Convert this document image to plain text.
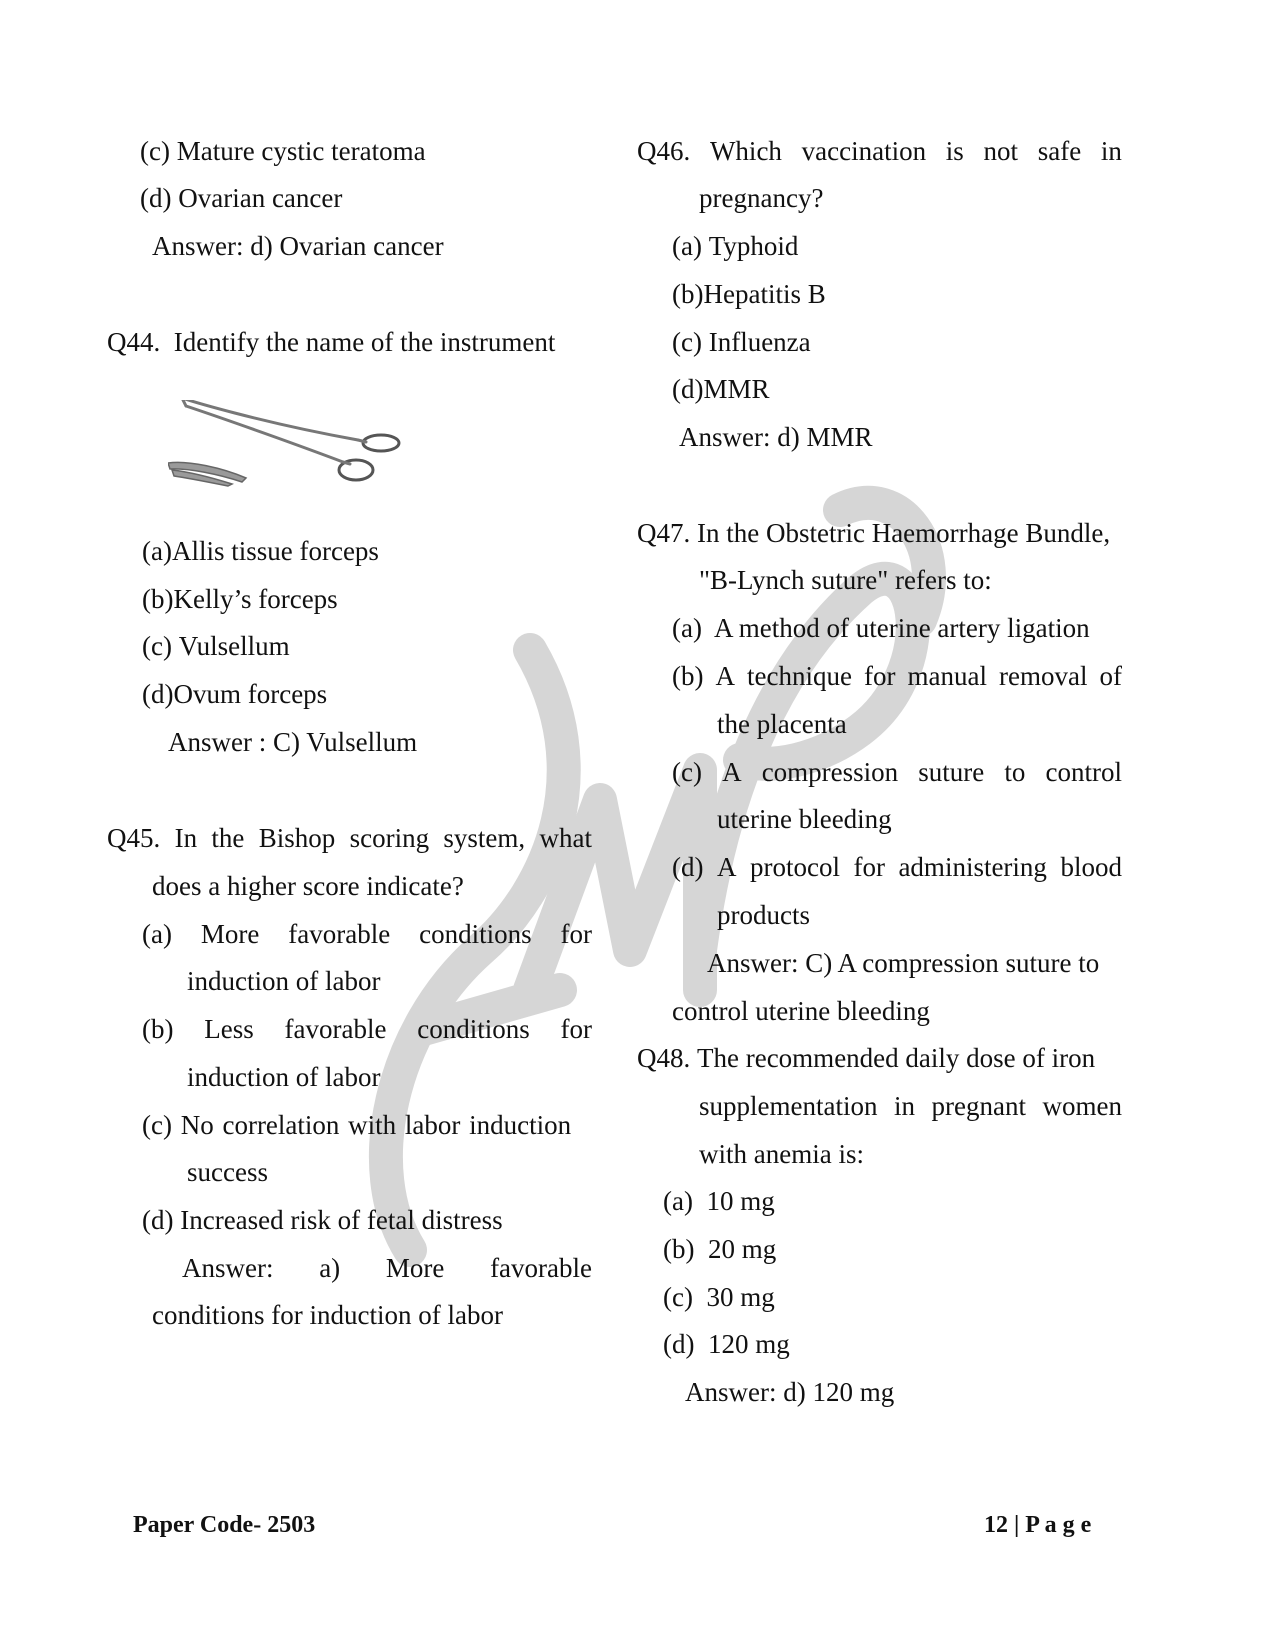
(c) Mature cystic teratoma
(d) Ovarian cancer
Answer: d) Ovarian cancer
Q44. Identify the name of the instrument
(a)Allis tissue forceps
(b)Kelly’s forceps
(c) Vulsellum
(d)Ovum forceps
Answer : C) Vulsellum
Q45. In the Bishop scoring system, what
does a higher score indicate?
(a) More favorable conditions for
induction of labor
(b) Less favorable conditions for
induction of labor
(c) No correlation with labor induction
success
(d) Increased risk of fetal distress
Answer: a) More favorable
conditions for induction of labor
Q46. Which vaccination is not safe in
pregnancy?
(a) Typhoid
(b)Hepatitis B
(c) Influenza
(d)MMR
Answer: d) MMR
Q47. In the Obstetric Haemorrhage Bundle,
"B-Lynch suture" refers to:
(a)  A method of uterine artery ligation
(b) A technique for manual removal of
the placenta
(c) A compression suture to control
uterine bleeding
(d) A protocol for administering blood
products
Answer: C) A compression suture to
control uterine bleeding
Q48. The recommended daily dose of iron
supplementation in pregnant women
with anemia is:
(a)  10 mg
(b)  20 mg
(c)  30 mg
(d)  120 mg
Answer: d) 120 mg
Paper Code- 2503	12 | P a g e
